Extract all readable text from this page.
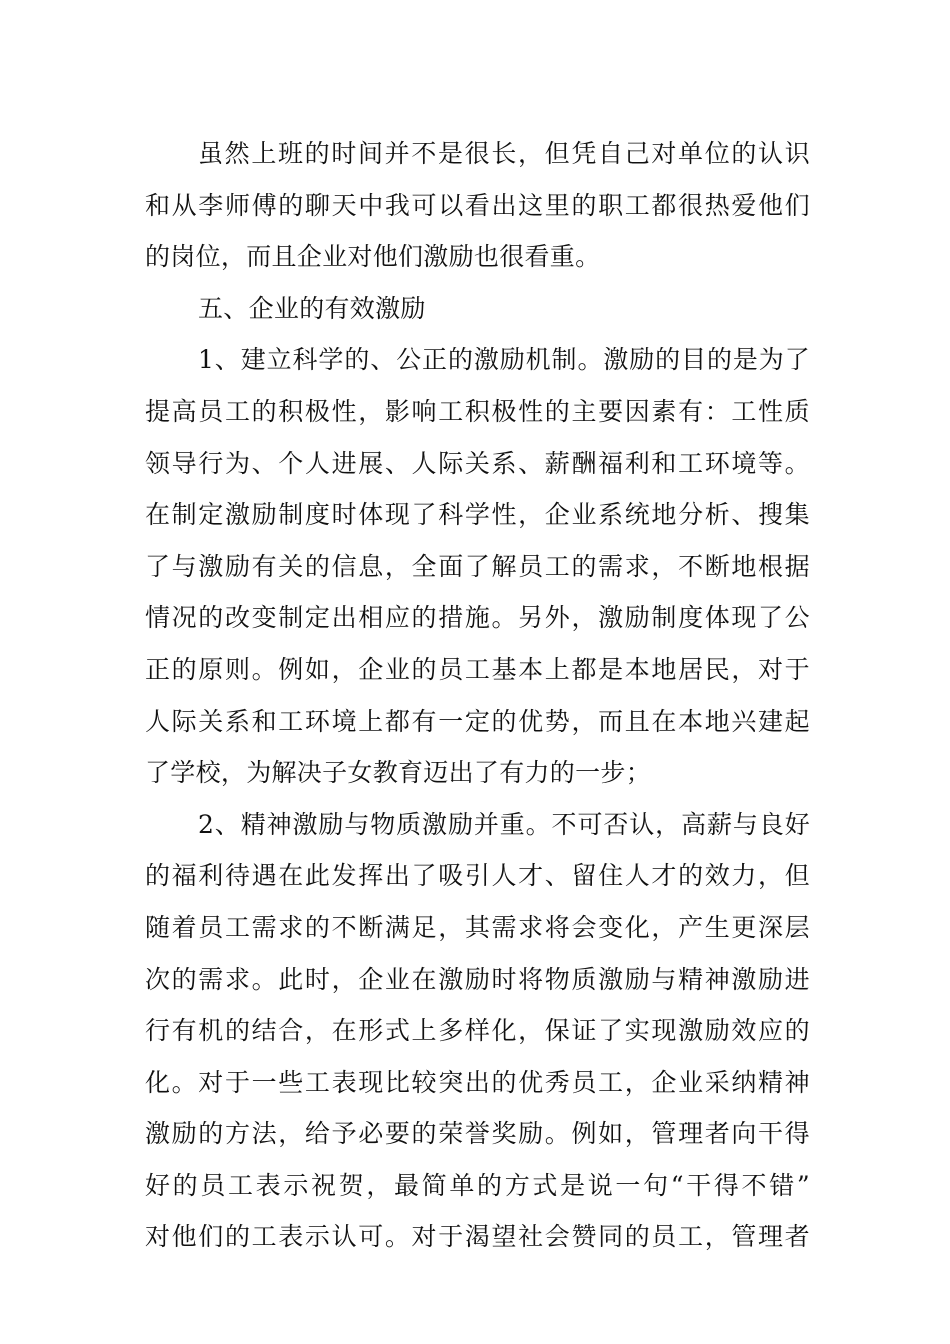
虽然上班的时间并不是很长，但凭自己对单位的认识
和从李师傅的聊天中我可以看出这里的职工都很热爱他们
的岗位，而且企业对他们激励也很看重。
五、企业的有效激励
1、建立科学的、公正的激励机制。激励的目的是为了
提高员工的积极性，影响工积极性的主要因素有：工性质
领导行为、个人进展、人际关系、薪酬福利和工环境等。
在制定激励制度时体现了科学性，企业系统地分析、搜集
了与激励有关的信息，全面了解员工的需求，不断地根据
情况的改变制定出相应的措施。另外，激励制度体现了公
正的原则。例如，企业的员工基本上都是本地居民，对于
人际关系和工环境上都有一定的优势，而且在本地兴建起
了学校，为解决子女教育迈出了有力的一步；
2、精神激励与物质激励并重。不可否认，高薪与良好
的福利待遇在此发挥出了吸引人才、留住人才的效力，但
随着员工需求的不断满足，其需求将会变化，产生更深层
次的需求。此时，企业在激励时将物质激励与精神激励进
行有机的结合，在形式上多样化，保证了实现激励效应的
化。对于一些工表现比较突出的优秀员工，企业采纳精神
激励的方法，给予必要的荣誉奖励。例如，管理者向干得
好的员工表示祝贺，最简单的方式是说一句“干得不错”
对他们的工表示认可。对于渴望社会赞同的员工，管理者
